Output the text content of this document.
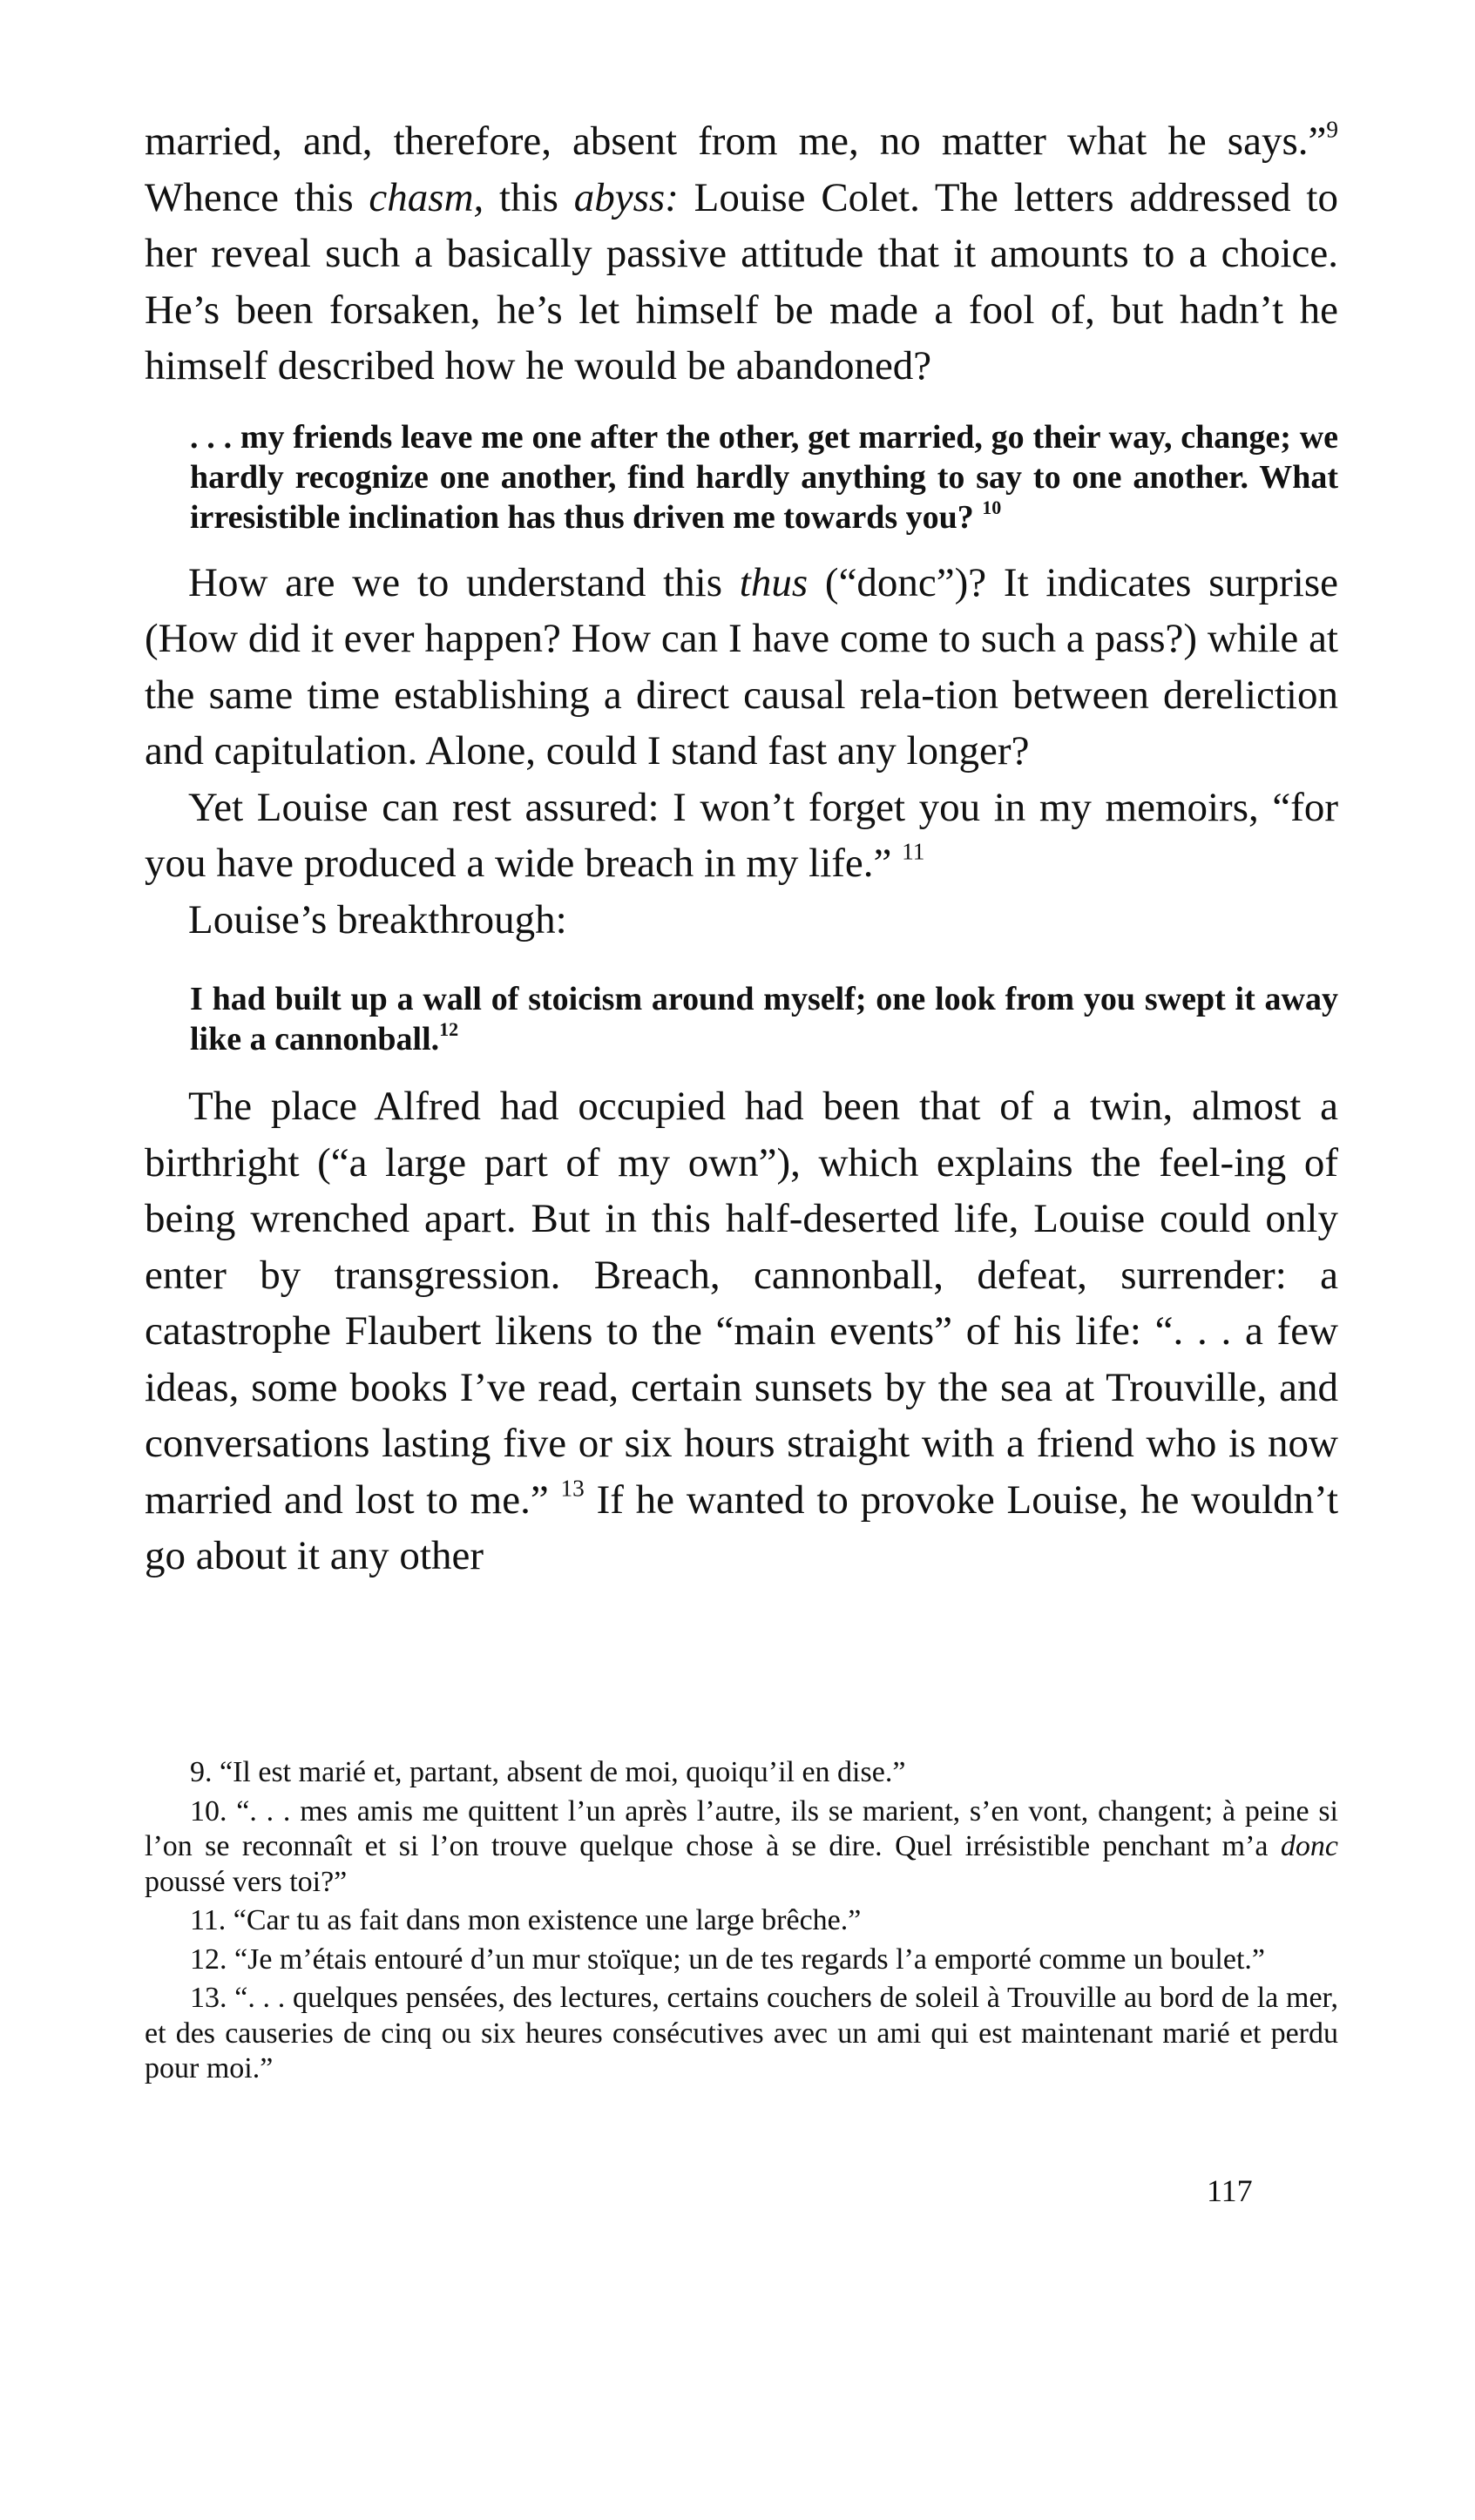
married, and, therefore, absent from me, no matter what he says.”$^9$ Whence this chasm, this abyss: Louise Colet. The letters addressed to her reveal such a basically passive attitude that it amounts to a choice. He’s been forsaken, he’s let himself be made a fool of, but hadn’t he himself described how he would be abandoned?

. . . my friends leave me one after the other, get married, go their way, change; we hardly recognize one another, find hardly anything to say to one another. What irresistible inclination has thus driven me towards you? $^{10}$

How are we to understand this thus (“donc”)? It indicates surprise (How did it ever happen? How can I have come to such a pass?) while at the same time establishing a direct causal rela-tion between dereliction and capitulation. Alone, could I stand fast any longer?

Yet Louise can rest assured: I won’t forget you in my memoirs, “for you have produced a wide breach in my life.” $^{11}$

Louise’s breakthrough:

I had built up a wall of stoicism around myself; one look from you swept it away like a cannonball.$^{12}$

The place Alfred had occupied had been that of a twin, almost a birthright (“a large part of my own”), which explains the feel-ing of being wrenched apart. But in this half-deserted life, Louise could only enter by transgression. Breach, cannonball, defeat, surrender: a catastrophe Flaubert likens to the “main events” of his life: “. . . a few ideas, some books I’ve read, certain sunsets by the sea at Trouville, and conversations lasting five or six hours straight with a friend who is now married and lost to me.” $^{13}$ If he wanted to provoke Louise, he wouldn’t go about it any other

9. “Il est marié et, partant, absent de moi, quoiqu’il en dise.”

10. “. . . mes amis me quittent l’un après l’autre, ils se marient, s’en vont, changent; à peine si l’on se reconnaît et si l’on trouve quelque chose à se dire. Quel irrésistible penchant m’a donc poussé vers toi?”

11. “Car tu as fait dans mon existence une large brêche.”

12. “Je m’étais entouré d’un mur stoïque; un de tes regards l’a emporté comme un boulet.”

13. “. . . quelques pensées, des lectures, certains couchers de soleil à Trouville au bord de la mer, et des causeries de cinq ou six heures consécutives avec un ami qui est maintenant marié et perdu pour moi.”

117
